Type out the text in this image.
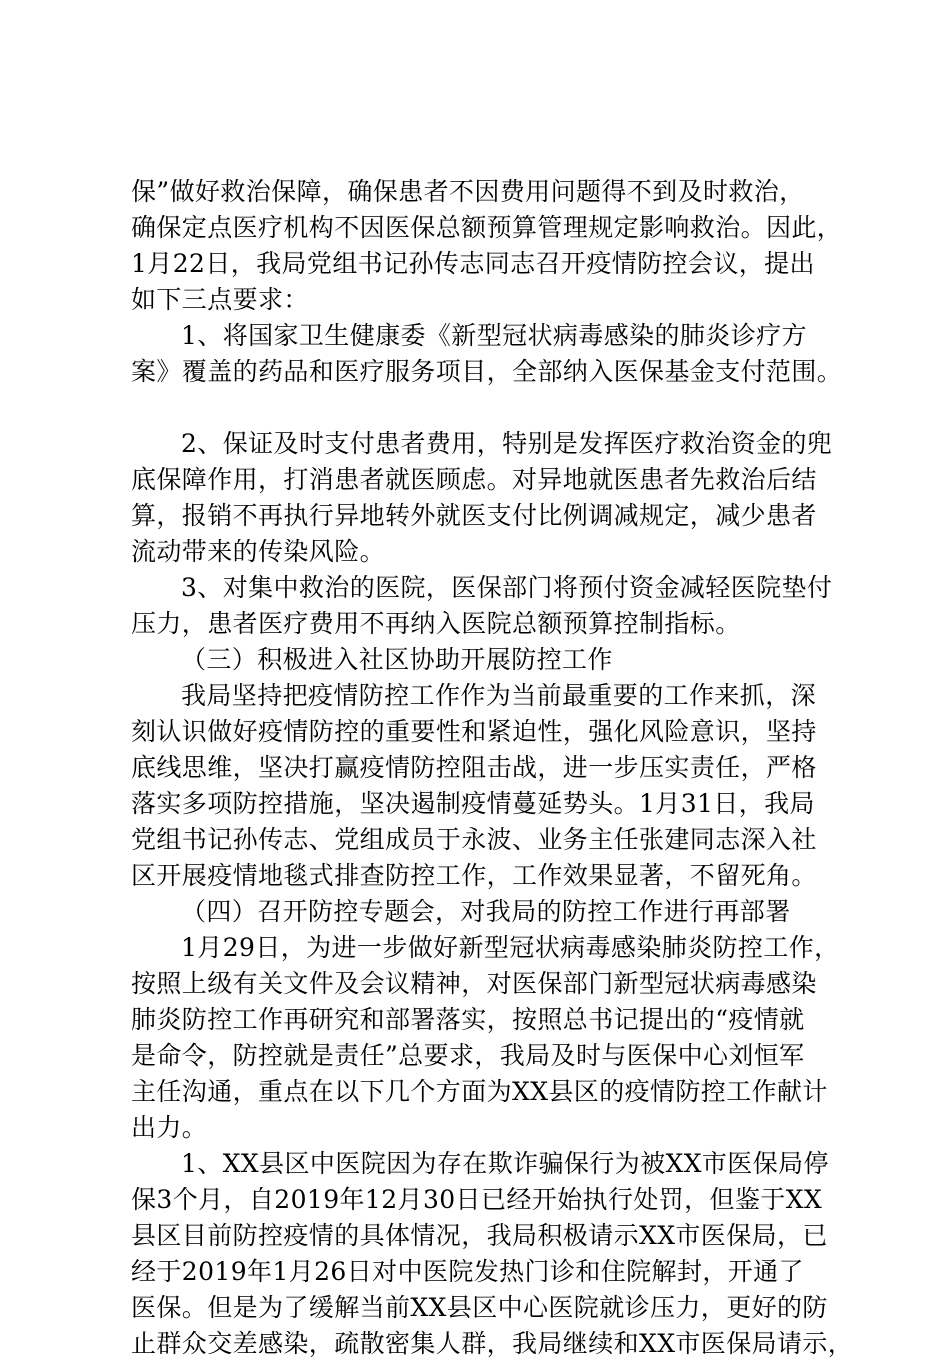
保”做好救治保障，确保患者不因费用问题得不到及时救治，
确保定点医疗机构不因医保总额预算管理规定影响救治。因此，
1月22日，我局党组书记孙传志同志召开疫情防控会议，提出
如下三点要求：
1、将国家卫生健康委《新型冠状病毒感染的肺炎诊疗方
案》覆盖的药品和医疗服务项目，全部纳入医保基金支付范围。
2、保证及时支付患者费用，特别是发挥医疗救治资金的兜
底保障作用，打消患者就医顾虑。对异地就医患者先救治后结
算，报销不再执行异地转外就医支付比例调减规定，减少患者
流动带来的传染风险。
3、对集中救治的医院，医保部门将预付资金减轻医院垫付
压力，患者医疗费用不再纳入医院总额预算控制指标。
（三）积极进入社区协助开展防控工作
我局坚持把疫情防控工作作为当前最重要的工作来抓，深
刻认识做好疫情防控的重要性和紧迫性，强化风险意识，坚持
底线思维，坚决打赢疫情防控阻击战，进一步压实责任，严格
落实多项防控措施，坚决遏制疫情蔓延势头。1月31日，我局
党组书记孙传志、党组成员于永波、业务主任张建同志深入社
区开展疫情地毯式排查防控工作，工作效果显著，不留死角。
（四）召开防控专题会，对我局的防控工作进行再部署
1月29日，为进一步做好新型冠状病毒感染肺炎防控工作，
按照上级有关文件及会议精神，对医保部门新型冠状病毒感染
肺炎防控工作再研究和部署落实，按照总书记提出的“疫情就
是命令，防控就是责任”总要求，我局及时与医保中心刘恒军
主任沟通，重点在以下几个方面为XX县区的疫情防控工作献计
出力。
1、XX县区中医院因为存在欺诈骗保行为被XX市医保局停
保3个月，自2019年12月30日已经开始执行处罚，但鉴于XX
县区目前防控疫情的具体情况，我局积极请示XX市医保局，已
经于2019年1月26日对中医院发热门诊和住院解封，开通了
医保。但是为了缓解当前XX县区中心医院就诊压力，更好的防
止群众交差感染，疏散密集人群，我局继续和XX市医保局请示，
